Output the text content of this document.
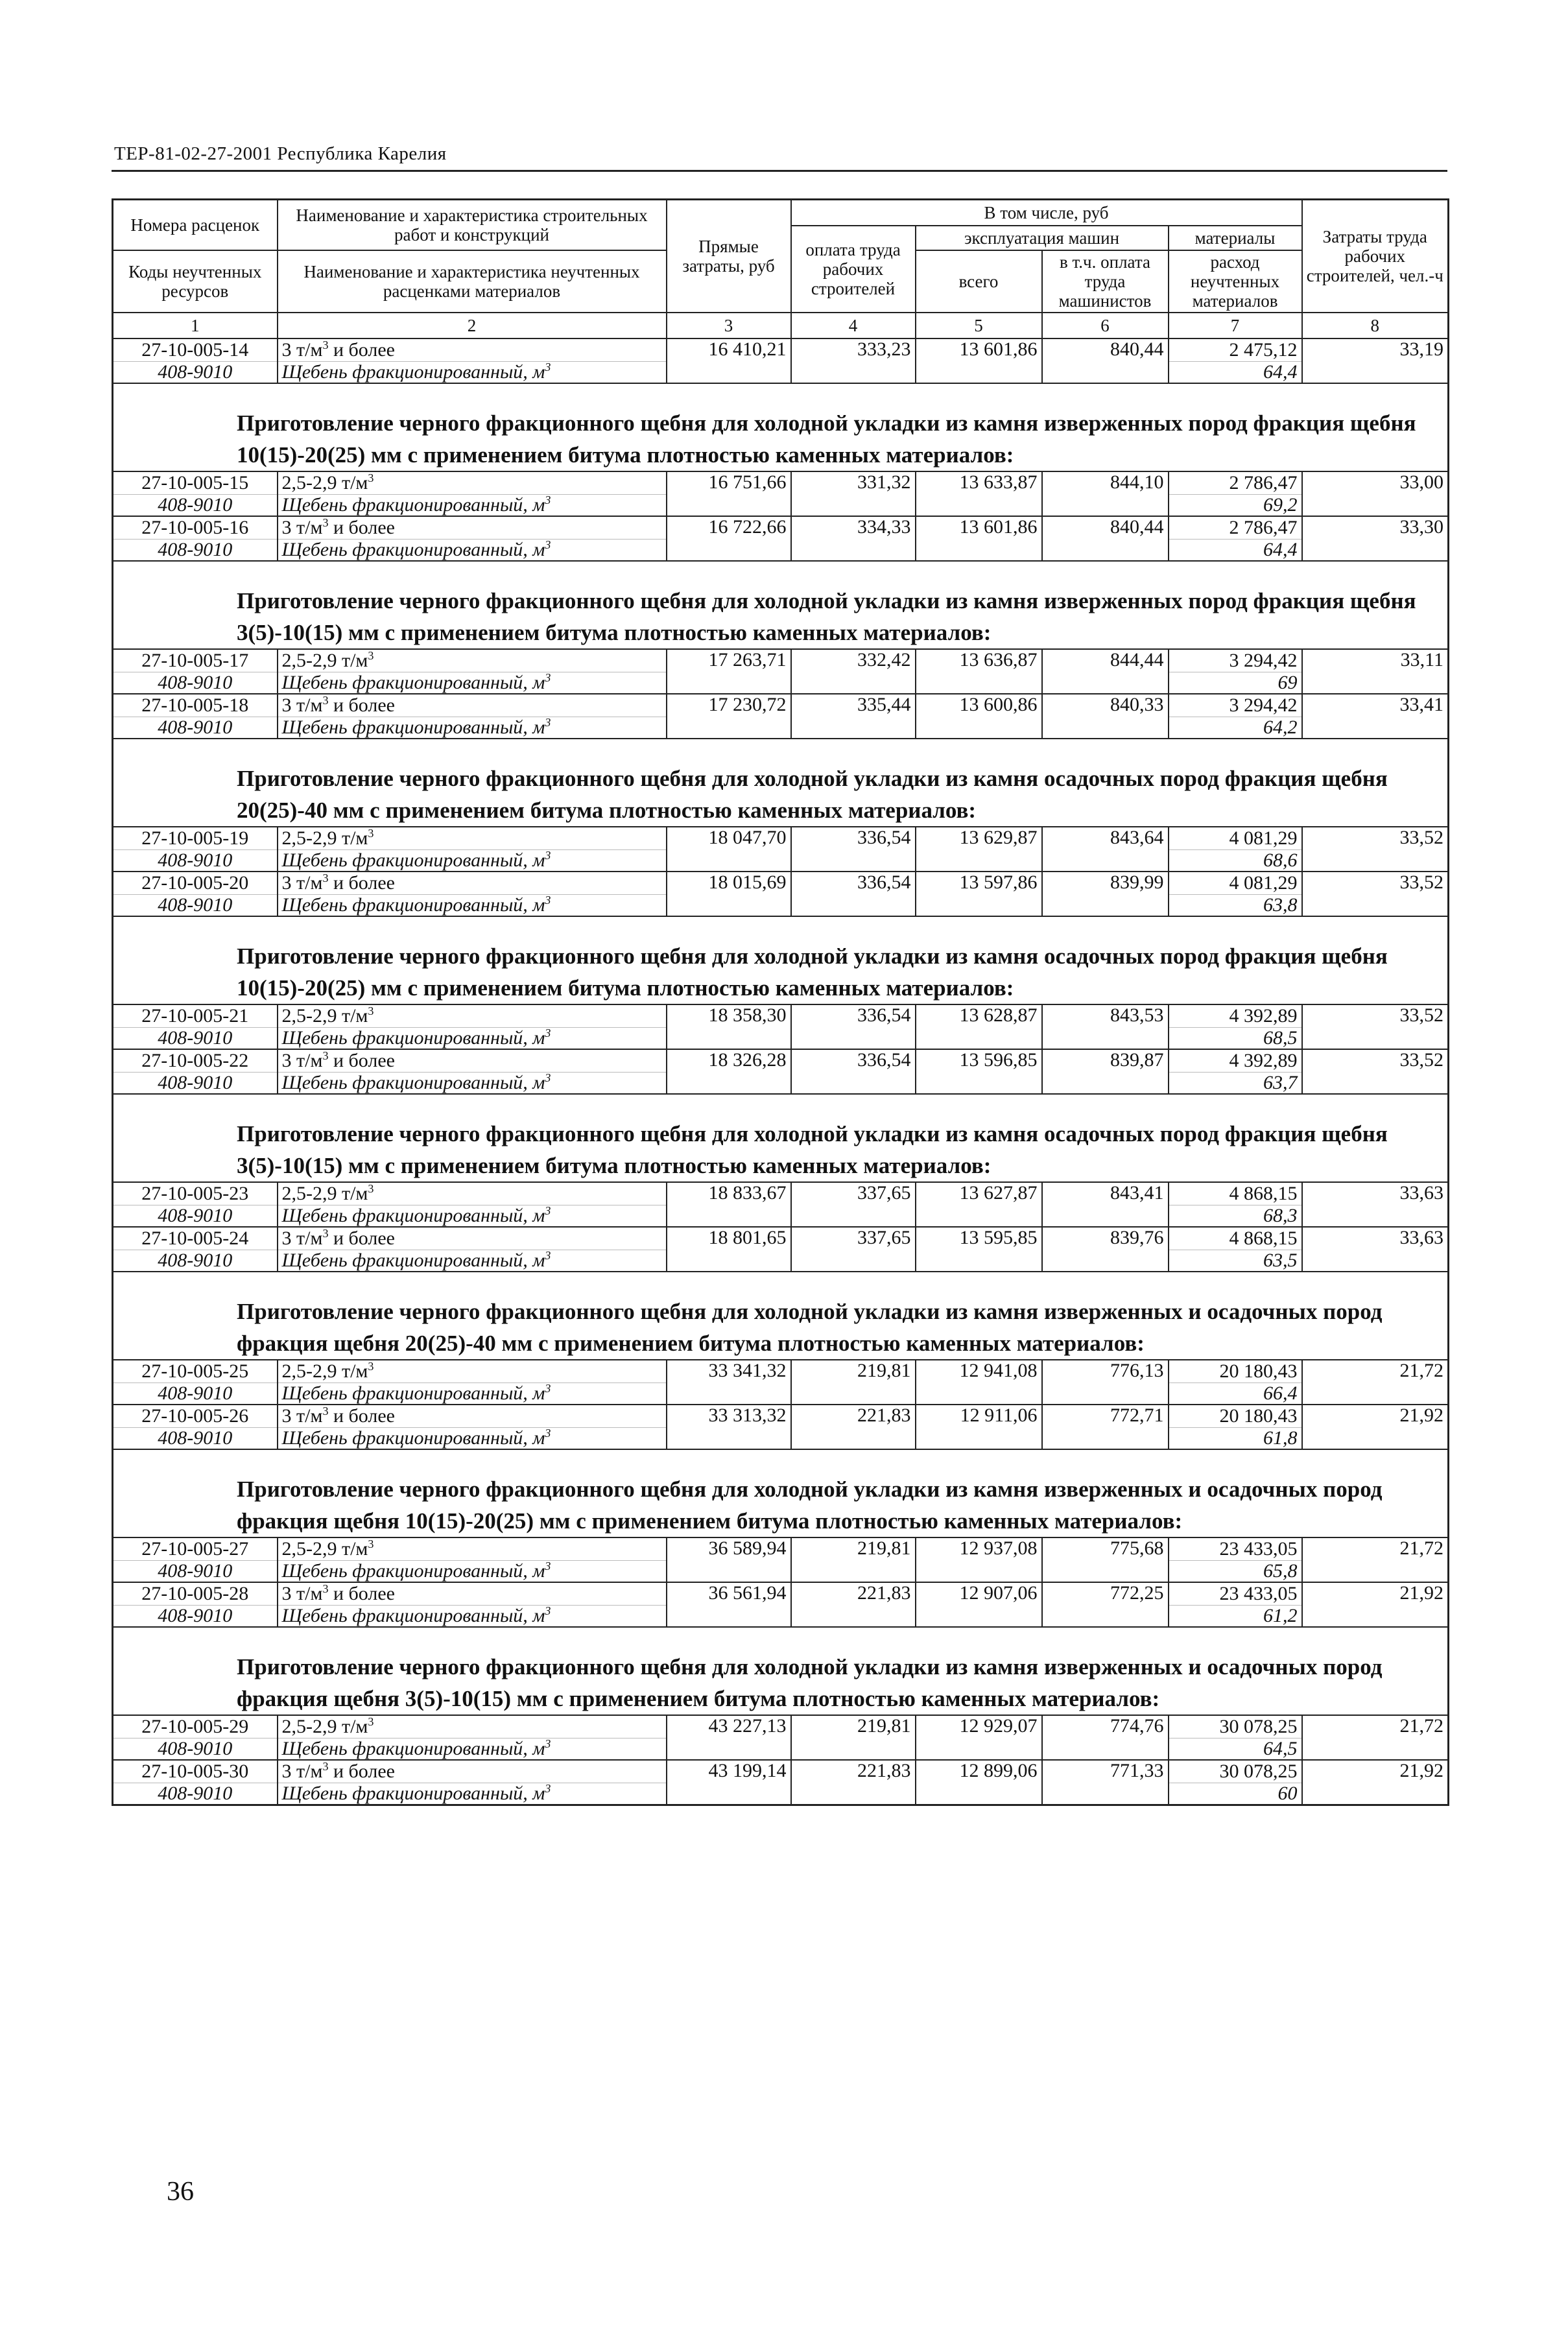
ТЕР-81-02-27-2001 Республика Карелия
Номера расценок	Наименование и характеристика строительных работ и конструкций	Прямые затраты, руб	В том числе, руб				Затраты труда рабочих строителей, чел.-ч
			оплата труда рабочих строителей	эксплуатация машин		материалы	
Коды неучтенных ресурсов	Наименование и характеристика неучтенных расценками материалов			всего	в т.ч. оплата труда машинистов	расход неучтенных материалов	

1	2	3	4	5	6	7	8
27-10-005-14	3 $т/м^3$ и более	16 410,21	333,23	13 601,86	840,44	2 475,12	33,19
408-9010	Щебень фракционированный, $м^3$					64,4	
Приготовление черного фракционного щебня для холодной укладки из камня изверженных пород фракция щебня 10(15)-20(25) мм с применением битума плотностью каменных материалов:							
27-10-005-15	2,5-2,9 $т/м^3$	16 751,66	331,32	13 633,87	844,10	2 786,47	33,00
408-9010	Щебень фракционированный, $м^3$					69,2	
27-10-005-16	3 $т/м^3$ и более	16 722,66	334,33	13 601,86	840,44	2 786,47	33,30
408-9010	Щебень фракционированный, $м^3$					64,4	
Приготовление черного фракционного щебня для холодной укладки из камня изверженных пород фракция щебня 3(5)-10(15) мм с применением битума плотностью каменных материалов:							
27-10-005-17	2,5-2,9 $т/м^3$	17 263,71	332,42	13 636,87	844,44	3 294,42	33,11
408-9010	Щебень фракционированный, $м^3$					69	
27-10-005-18	3 $т/м^3$ и более	17 230,72	335,44	13 600,86	840,33	3 294,42	33,41
408-9010	Щебень фракционированный, $м^3$					64,2	
Приготовление черного фракционного щебня для холодной укладки из камня осадочных пород фракция щебня 20(25)-40 мм с применением битума плотностью каменных материалов:							
27-10-005-19	2,5-2,9 $т/м^3$	18 047,70	336,54	13 629,87	843,64	4 081,29	33,52
408-9010	Щебень фракционированный, $м^3$					68,6	
27-10-005-20	3 $т/м^3$ и более	18 015,69	336,54	13 597,86	839,99	4 081,29	33,52
408-9010	Щебень фракционированный, $м^3$					63,8	
Приготовление черного фракционного щебня для холодной укладки из камня осадочных пород фракция щебня 10(15)-20(25) мм с применением битума плотностью каменных материалов:							
27-10-005-21	2,5-2,9 $т/м^3$	18 358,30	336,54	13 628,87	843,53	4 392,89	33,52
408-9010	Щебень фракционированный, $м^3$					68,5	
27-10-005-22	3 $т/м^3$ и более	18 326,28	336,54	13 596,85	839,87	4 392,89	33,52
408-9010	Щебень фракционированный, $м^3$					63,7	
Приготовление черного фракционного щебня для холодной укладки из камня осадочных пород фракция щебня 3(5)-10(15) мм с применением битума плотностью каменных материалов:							
27-10-005-23	2,5-2,9 $т/м^3$	18 833,67	337,65	13 627,87	843,41	4 868,15	33,63
408-9010	Щебень фракционированный, $м^3$					68,3	
27-10-005-24	3 $т/м^3$ и более	18 801,65	337,65	13 595,85	839,76	4 868,15	33,63
408-9010	Щебень фракционированный, $м^3$					63,5	
Приготовление черного фракционного щебня для холодной укладки из камня изверженных и осадочных пород фракция щебня 20(25)-40 мм с применением битума плотностью каменных материалов:							
27-10-005-25	2,5-2,9 $т/м^3$	33 341,32	219,81	12 941,08	776,13	20 180,43	21,72
408-9010	Щебень фракционированный, $м^3$					66,4	
27-10-005-26	3 $т/м^3$ и более	33 313,32	221,83	12 911,06	772,71	20 180,43	21,92
408-9010	Щебень фракционированный, $м^3$					61,8	
Приготовление черного фракционного щебня для холодной укладки из камня изверженных и осадочных пород фракция щебня 10(15)-20(25) мм с применением битума плотностью каменных материалов:							
27-10-005-27	2,5-2,9 $т/м^3$	36 589,94	219,81	12 937,08	775,68	23 433,05	21,72
408-9010	Щебень фракционированный, $м^3$					65,8	
27-10-005-28	3 $т/м^3$ и более	36 561,94	221,83	12 907,06	772,25	23 433,05	21,92
408-9010	Щебень фракционированный, $м^3$					61,2	
Приготовление черного фракционного щебня для холодной укладки из камня изверженных и осадочных пород фракция щебня 3(5)-10(15) мм с применением битума плотностью каменных материалов:							
27-10-005-29	2,5-2,9 $т/м^3$	43 227,13	219,81	12 929,07	774,76	30 078,25	21,72
408-9010	Щебень фракционированный, $м^3$					64,5	
27-10-005-30	3 $т/м^3$ и более	43 199,14	221,83	12 899,06	771,33	30 078,25	21,92
408-9010	Щебень фракционированный, $м^3$					60	
36
